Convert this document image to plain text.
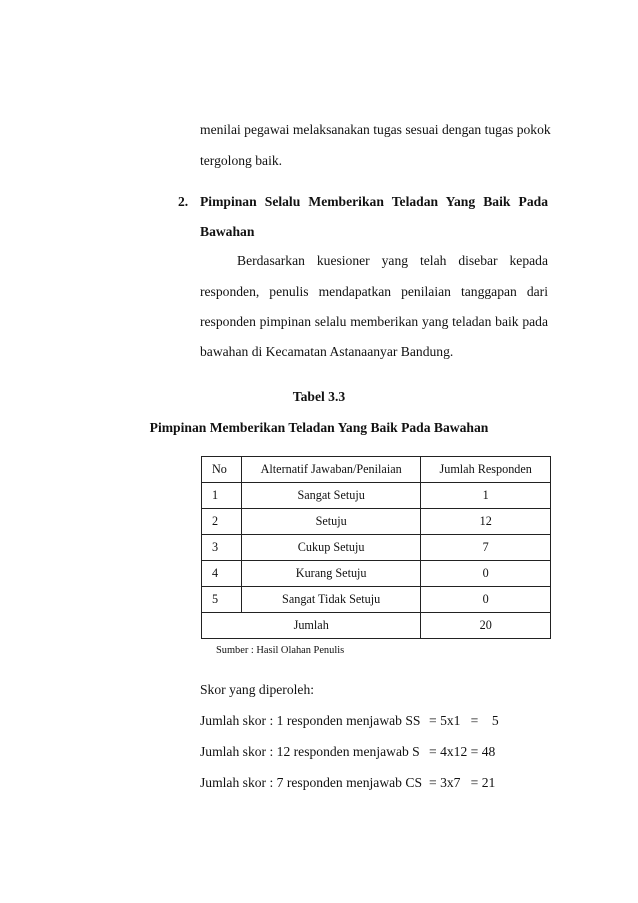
menilai pegawai melaksanakan tugas sesuai dengan tugas pokok
tergolong baik.
2. Pimpinan Selalu Memberikan Teladan Yang Baik Pada
Bawahan
Berdasarkan kuesioner yang telah disebar kepada
responden, penulis mendapatkan penilaian tanggapan dari
responden pimpinan selalu memberikan yang teladan baik pada
bawahan di Kecamatan Astanaanyar Bandung.
Tabel 3.3
Pimpinan Memberikan Teladan Yang Baik Pada Bawahan
No	Alternatif Jawaban/Penilaian	Jumlah Responden
1	Sangat Setuju	1
2	Setuju	12
3	Cukup Setuju	7
4	Kurang Setuju	0
5	Sangat Tidak Setuju	0
Jumlah		20
Sumber : Hasil Olahan Penulis
Skor yang diperoleh:
Jumlah skor : 1 responden menjawab SS = 5x1   =    5
Jumlah skor : 12 responden menjawab S = 4x12 = 48
Jumlah skor : 7 responden menjawab CS = 3x7   = 21
